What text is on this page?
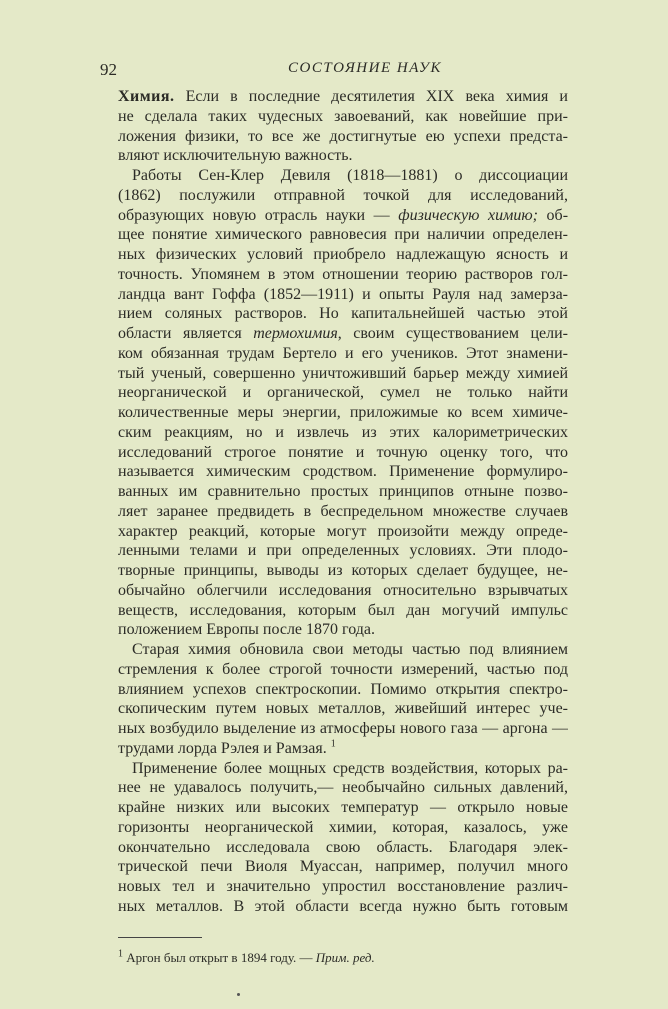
92	СОСТОЯНИЕ НАУК
Химия. Если в последние десятилетия XIX века химия и
не сделала таких чудесных завоеваний, как новейшие при-
ложения физики, то все же достигнутые ею успехи предста-
вляют исключительную важность.
Работы Сен-Клер Девиля (1818—1881) о диссоциации
(1862) послужили отправной точкой для исследований,
образующих новую отрасль науки — физическую химию; об-
щее понятие химического равновесия при наличии определен-
ных физических условий приобрело надлежащую ясность и
точность. Упомянем в этом отношении теорию растворов гол-
ландца вант Гоффа (1852—1911) и опыты Рауля над замерза-
нием соляных растворов. Но капитальнейшей частью этой
области является термохимия, своим существованием цели-
ком обязанная трудам Бертело и его учеников. Этот знамени-
тый ученый, совершенно уничтоживший барьер между химией
неорганической и органической, сумел не только найти
количественные меры энергии, приложимые ко всем химиче-
ским реакциям, но и извлечь из этих калориметрических
исследований строгое понятие и точную оценку того, что
называется химическим сродством. Применение формулиро-
ванных им сравнительно простых принципов отныне позво-
ляет заранее предвидеть в беспредельном множестве случаев
характер реакций, которые могут произойти между опреде-
ленными телами и при определенных условиях. Эти плодо-
творные принципы, выводы из которых сделает будущее, не-
обычайно облегчили исследования относительно взрывчатых
веществ, исследования, которым был дан могучий импульс
положением Европы после 1870 года.
Старая химия обновила свои методы частью под влиянием
стремления к более строгой точности измерений, частью под
влиянием успехов спектроскопии. Помимо открытия спектро-
скопическим путем новых металлов, живейший интерес уче-
ных возбудило выделение из атмосферы нового газа — аргона —
трудами лорда Рэлея и Рамзая. $^1$
Применение более мощных средств воздействия, которых ра-
нее не удавалось получить,— необычайно сильных давлений,
крайне низких или высоких температур — открыло новые
горизонты неорганической химии, которая, казалось, уже
окончательно исследовала свою область. Благодаря элек-
трической печи Виоля Муассан, например, получил много
новых тел и значительно упростил восстановление различ-
ных металлов. В этой области всегда нужно быть готовым
$^1$ Аргон был открыт в 1894 году. — Прим. ред.
